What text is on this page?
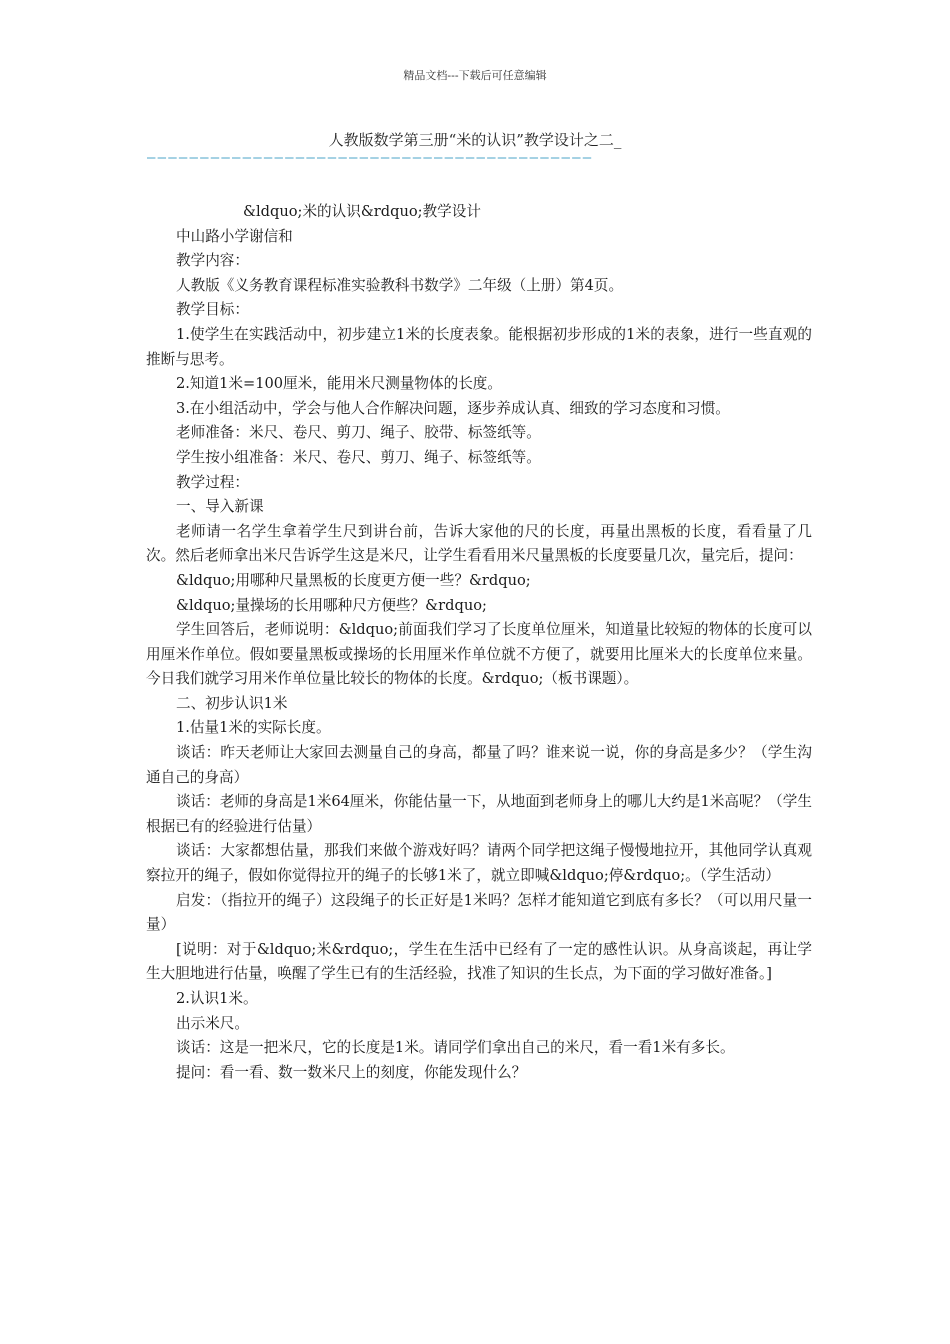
精品文档---下载后可任意编辑
人教版数学第三册“米的认识”教学设计之二_
——————————————————————————————————————————

&ldquo;米的认识&rdquo;教学设计

中山路小学谢信和

教学内容：

人教版《义务教育课程标准实验教科书数学》二年级（上册）第4页。

教学目标：

1.使学生在实践活动中，初步建立1米的长度表象。能根据初步形成的1米的表象，进行一些直观的推断与思考。

2.知道1米=100厘米，能用米尺测量物体的长度。

3.在小组活动中，学会与他人合作解决问题，逐步养成认真、细致的学习态度和习惯。

老师准备：米尺、卷尺、剪刀、绳子、胶带、标签纸等。

学生按小组准备：米尺、卷尺、剪刀、绳子、标签纸等。

教学过程：

一、导入新课

老师请一名学生拿着学生尺到讲台前，告诉大家他的尺的长度，再量出黑板的长度，看看量了几次。然后老师拿出米尺告诉学生这是米尺，让学生看看用米尺量黑板的长度要量几次，量完后，提问：

&ldquo;用哪种尺量黑板的长度更方便一些？&rdquo;

&ldquo;量操场的长用哪种尺方便些？&rdquo;

学生回答后，老师说明：&ldquo;前面我们学习了长度单位厘米，知道量比较短的物体的长度可以用厘米作单位。假如要量黑板或操场的长用厘米作单位就不方便了，就要用比厘米大的长度单位来量。今日我们就学习用米作单位量比较长的物体的长度。&rdquo;（板书课题）。

二、初步认识1米

1.估量1米的实际长度。

谈话：昨天老师让大家回去测量自己的身高，都量了吗？谁来说一说，你的身高是多少？（学生沟通自己的身高）

谈话：老师的身高是1米64厘米，你能估量一下，从地面到老师身上的哪儿大约是1米高呢？（学生根据已有的经验进行估量）

谈话：大家都想估量，那我们来做个游戏好吗？请两个同学把这绳子慢慢地拉开，其他同学认真观察拉开的绳子，假如你觉得拉开的绳子的长够1米了，就立即喊&ldquo;停&rdquo;。（学生活动）

启发：（指拉开的绳子）这段绳子的长正好是1米吗？怎样才能知道它到底有多长？（可以用尺量一量）

[说明：对于&ldquo;米&rdquo;，学生在生活中已经有了一定的感性认识。从身高谈起，再让学生大胆地进行估量，唤醒了学生已有的生活经验，找准了知识的生长点，为下面的学习做好准备。]

2.认识1米。

出示米尺。

谈话：这是一把米尺，它的长度是1米。请同学们拿出自己的米尺，看一看1米有多长。

提问：看一看、数一数米尺上的刻度，你能发现什么？
